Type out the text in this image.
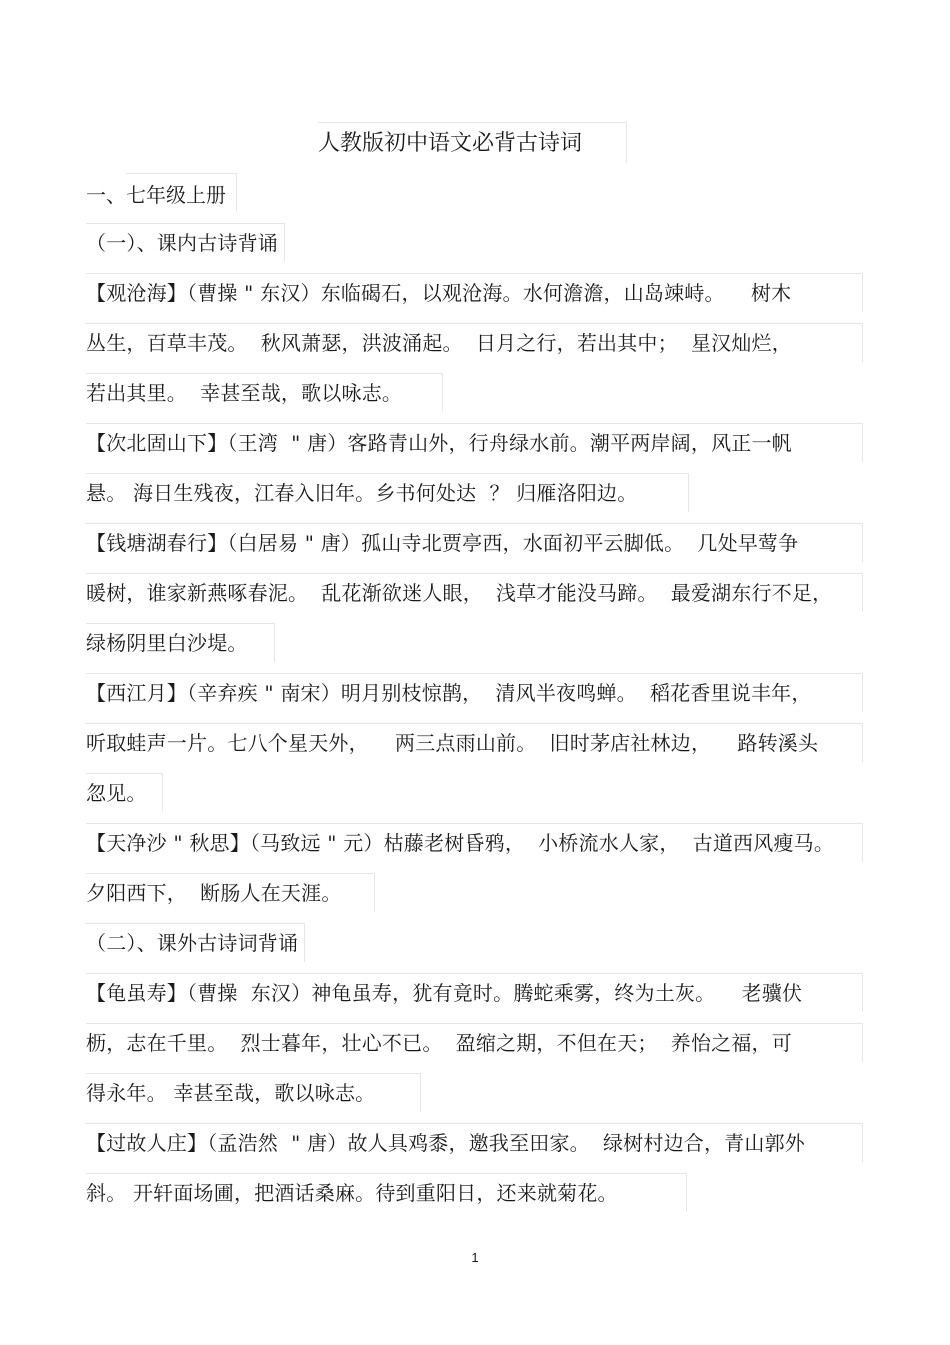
人教版初中语文必背古诗词
一、七年级上册
（一）、课内古诗背诵
【观沧海】（曹操 " 东汉）东临碣石，以观沧海。水何澹澹，山岛竦峙。    树木
丛生，百草丰茂。  秋风萧瑟，洪波涌起。  日月之行，若出其中；  星汉灿烂，
若出其里。  幸甚至哉，歌以咏志。
【次北固山下】（王湾  " 唐）客路青山外，行舟绿水前。潮平两岸阔，风正一帆
悬。 海日生残夜，江春入旧年。乡书何处达  ？ 归雁洛阳边。
【钱塘湖春行】（白居易 " 唐）孤山寺北贾亭西，水面初平云脚低。  几处早莺争
暖树，谁家新燕啄春泥。  乱花渐欲迷人眼，  浅草才能没马蹄。  最爱湖东行不足，
绿杨阴里白沙堤。
【西江月】（辛弃疾 " 南宋）明月别枝惊鹊，  清风半夜鸣蝉。  稻花香里说丰年，
听取蛙声一片。七八个星天外，    两三点雨山前。  旧时茅店社林边，    路转溪头
忽见。
【天净沙 " 秋思】（马致远 " 元）枯藤老树昏鸦，  小桥流水人家，  古道西风瘦马。
夕阳西下，  断肠人在天涯。
（二）、课外古诗词背诵
【龟虽寿】（曹操  东汉）神龟虽寿，犹有竟时。腾蛇乘雾，终为土灰。    老骥伏
枥，志在千里。  烈士暮年，壮心不已。  盈缩之期，不但在天；  养怡之福，可
得永年。 幸甚至哉，歌以咏志。
【过故人庄】（孟浩然  " 唐）故人具鸡黍，邀我至田家。  绿树村边合，青山郭外
斜。 开轩面场圃，把酒话桑麻。待到重阳日，还来就菊花。
1
